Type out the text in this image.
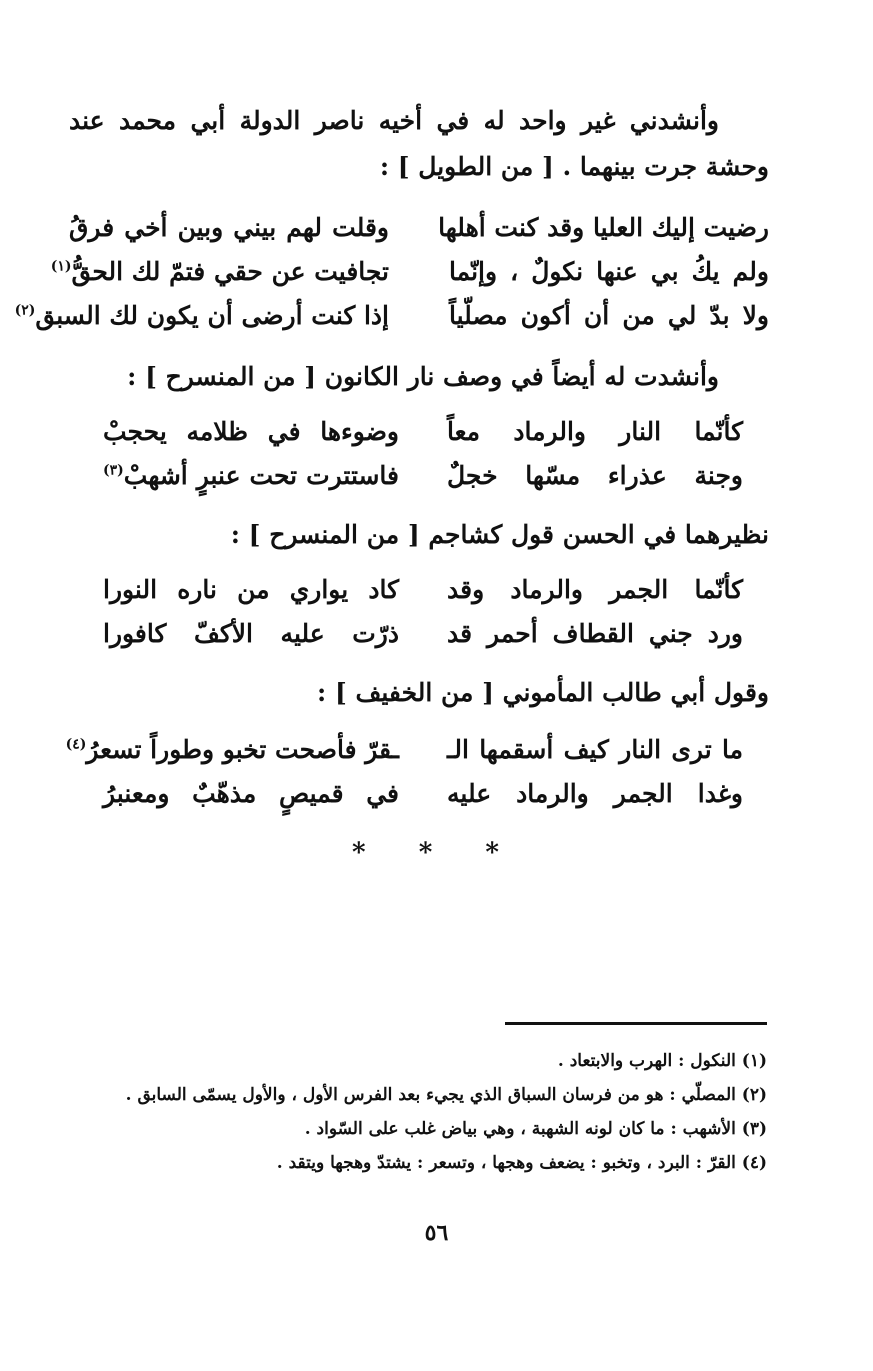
وأنشدني غير واحد له في أخيه ناصر الدولة أبي محمد عند وحشة جرت بينهما . [ من الطويل ] :

رضيت إليك العليا وقد كنت أهلها
وقلت لهم بيني وبين أخي فرقُ
ولم يكُ بي عنها نكولٌ ، وإنّما
تجافيت عن حقي فتمّ لك الحقُّ$^{(١)}$
ولا بدّ لي من أن أكون مصلّياً
إذا كنت أرضى أن يكون لك السبق$^{(٢)}$

وأنشدت له أيضاً في وصف نار الكانون [ من المنسرح ] :

كأنّما النار والرماد معاً
وضوءها في ظلامه يحجبْ
وجنة عذراء مسّها خجلٌ
فاستترت تحت عنبرٍ أشهبْ$^{(٣)}$

نظيرهما في الحسن قول كشاجم [ من المنسرح ] :

كأنّما الجمر والرماد وقد
كاد يواري من ناره النورا
ورد جني القطاف أحمر قد
ذرّت عليه الأكفّ كافورا

وقول أبي طالب المأموني [ من الخفيف ] :

ما ترى النار كيف أسقمها الـ
ـقرّ فأصحت تخبو وطوراً تسعرُ$^{(٤)}$
وغدا الجمر والرماد عليه
في قميصٍ مذهّبٌ ومعنبرُ
* * *
(١) النكول : الهرب والابتعاد .
(٢) المصلّي : هو من فرسان السباق الذي يجيء بعد الفرس الأول ، والأول يسمّى السابق .
(٣) الأشهب : ما كان لونه الشهبة ، وهي بياض غلب على السّواد .
(٤) القرّ : البرد ، وتخبو : يضعف وهجها ، وتسعر : يشتدّ وهجها ويتقد .
٥٦
